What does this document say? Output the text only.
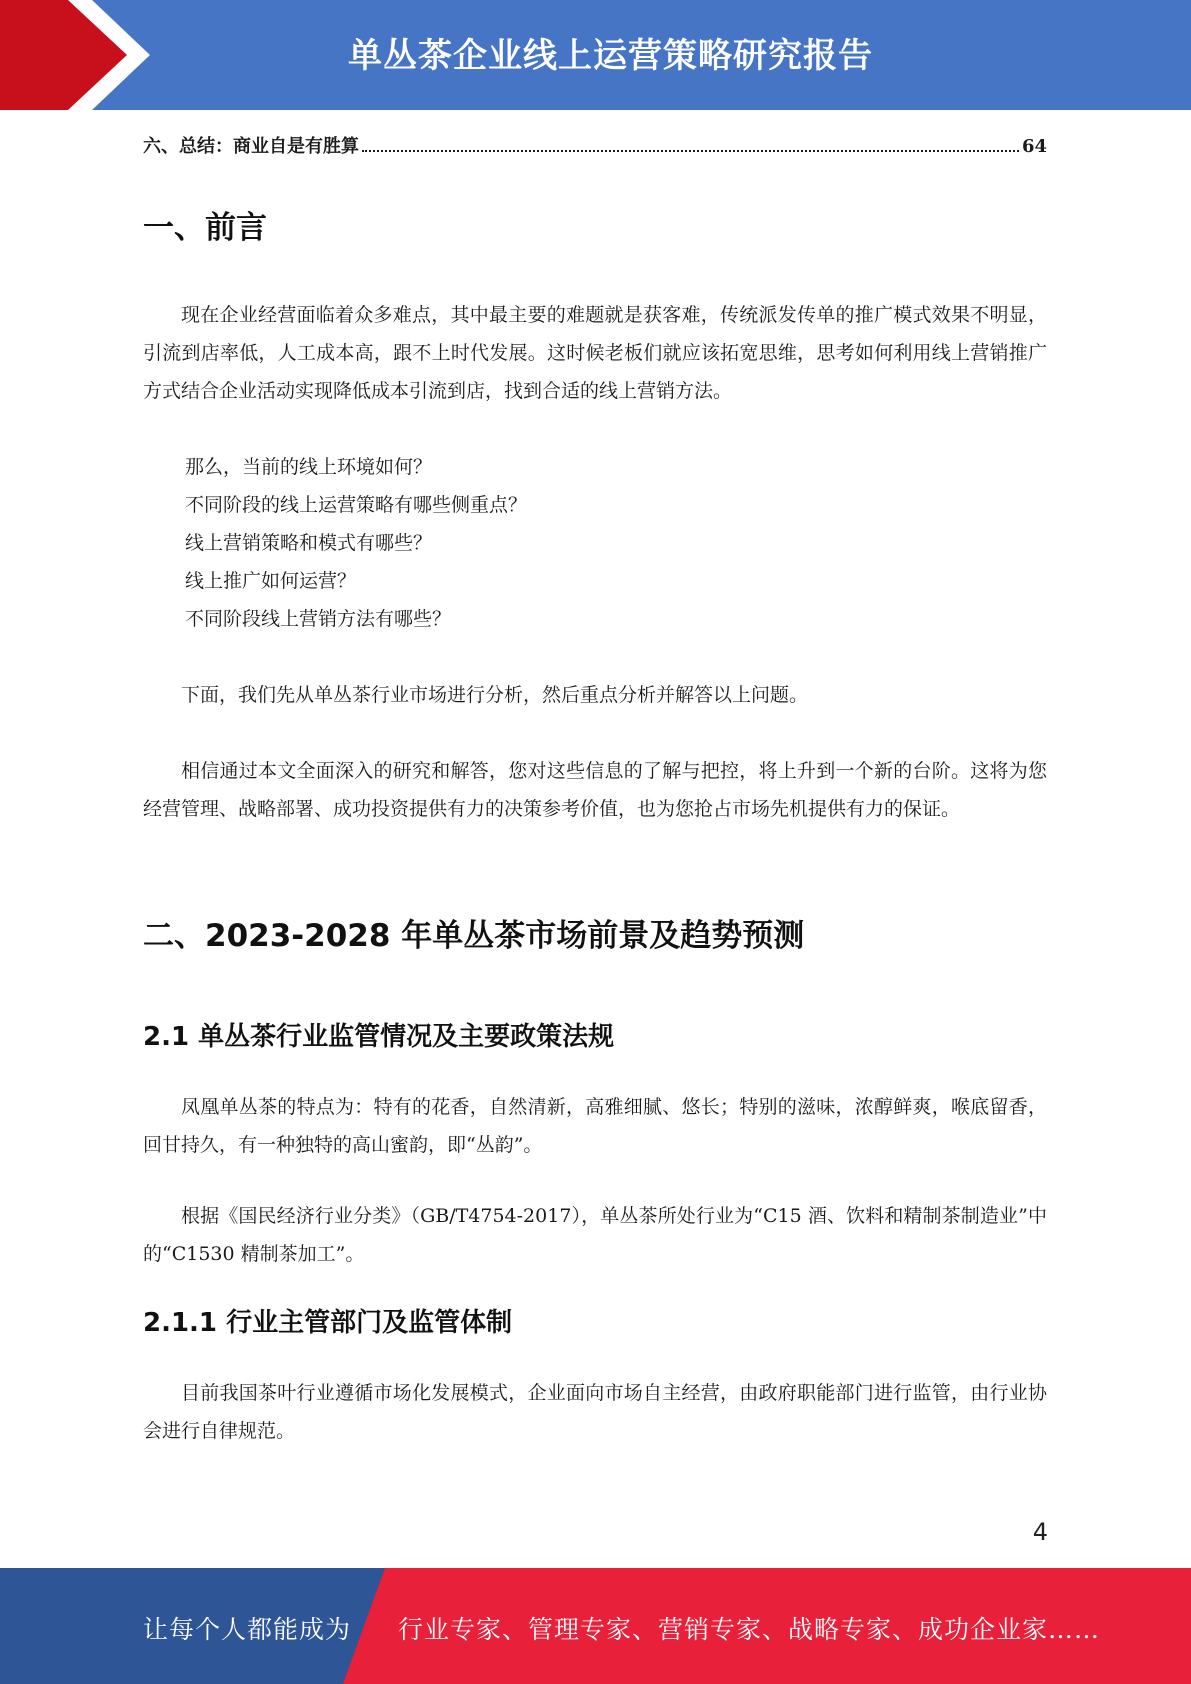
单丛茶企业线上运营策略研究报告
六、总结：商业自是有胜算	64
一、前言

现在企业经营面临着众多难点，其中最主要的难题就是获客难，传统派发传单的推广模式效果不明显，引流到店率低，人工成本高，跟不上时代发展。这时候老板们就应该拓宽思维，思考如何利用线上营销推广方式结合企业活动实现降低成本引流到店，找到合适的线上营销方法。

那么，当前的线上环境如何？

不同阶段的线上运营策略有哪些侧重点？

线上营销策略和模式有哪些？

线上推广如何运营？

不同阶段线上营销方法有哪些？

下面，我们先从单丛茶行业市场进行分析，然后重点分析并解答以上问题。

相信通过本文全面深入的研究和解答，您对这些信息的了解与把控，将上升到一个新的台阶。这将为您经营管理、战略部署、成功投资提供有力的决策参考价值，也为您抢占市场先机提供有力的保证。

二、2023-2028 年单丛茶市场前景及趋势预测
2.1 单丛茶行业监管情况及主要政策法规

凤凰单丛茶的特点为：特有的花香，自然清新，高雅细腻、悠长；特别的滋味，浓醇鲜爽，喉底留香，回甘持久，有一种独特的高山蜜韵，即“丛韵”。

根据《国民经济行业分类》（GB/T4754-2017），单丛茶所处行业为“C15 酒、饮料和精制茶制造业”中的“C1530 精制茶加工”。

2.1.1 行业主管部门及监管体制

目前我国茶叶行业遵循市场化发展模式，企业面向市场自主经营，由政府职能部门进行监管，由行业协会进行自律规范。

4
让每个人都能成为 行业专家、管理专家、营销专家、战略专家、成功企业家……
